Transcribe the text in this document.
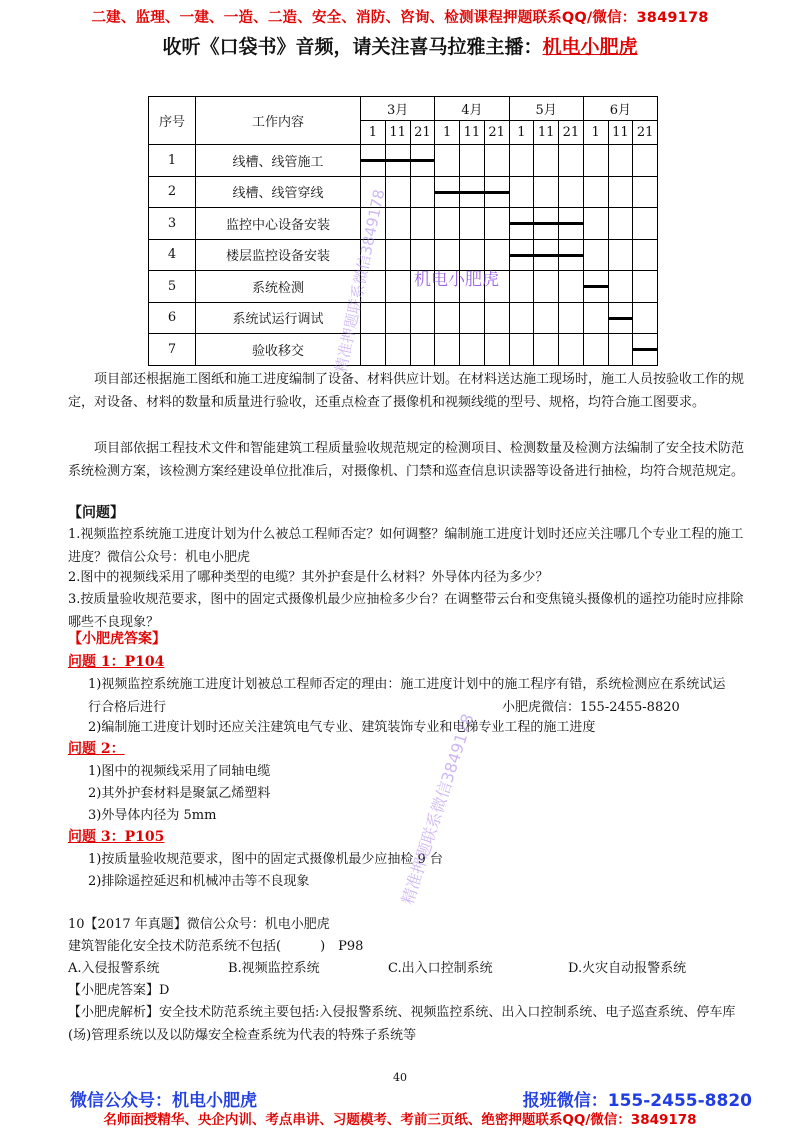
二建、监理、一建、一造、二造、安全、消防、咨询、检测课程押题联系QQ/微信：3849178
收听《口袋书》音频，请关注喜马拉雅主播：机电小肥虎
序号	工作内容	3月			4月			5月			6月		
		1	11	21	1	11	21	1	11	21	1	11	21
1	线槽、线管施工	

2	线槽、线管穿线				

3	监控中心设备安装							

4	楼层监控设备安装							

5	系统检测										

6	系统试运行调试											

7	验收移交												
机电小肥虎
精准押题联系微信3849178
项目部还根据施工图纸和施工进度编制了设备、材料供应计划。在材料送达施工现场时，施工人员按验收工作的规定，对设备、材料的数量和质量进行验收，还重点检查了摄像机和视频线缆的型号、规格，均符合施工图要求。
项目部依据工程技术文件和智能建筑工程质量验收规范规定的检测项目、检测数量及检测方法编制了安全技术防范系统检测方案，该检测方案经建设单位批准后，对摄像机、门禁和巡查信息识读器等设备进行抽检，均符合规范规定。
【问题】
1.视频监控系统施工进度计划为什么被总工程师否定？如何调整？编制施工进度计划时还应关注哪几个专业工程的施工进度？微信公众号：机电小肥虎
2.图中的视频线采用了哪种类型的电缆？其外护套是什么材料？外导体内径为多少？
3.按质量验收规范要求，图中的固定式摄像机最少应抽检多少台？在调整带云台和变焦镜头摄像机的遥控功能时应排除哪些不良现象？
【小肥虎答案】
问题 1：P104
1)视频监控系统施工进度计划被总工程师否定的理由：施工进度计划中的施工程序有错，系统检测应在系统试运行合格后进行	小肥虎微信：155-2455-8820
2)编制施工进度计划时还应关注建筑电气专业、建筑装饰专业和电梯专业工程的施工进度
问题 2：
1)图中的视频线采用了同轴电缆
2)其外护套材料是聚氯乙烯塑料
3)外导体内径为 5mm
问题 3：P105
1)按质量验收规范要求，图中的固定式摄像机最少应抽检 9 台
2)排除遥控延迟和机械冲击等不良现象	精准押题联系微信3849178
10【2017 年真题】微信公众号：机电小肥虎
建筑智能化安全技术防范系统不包括(　　　)　P98
A.入侵报警系统	B.视频监控系统	C.出入口控制系统	D.火灾自动报警系统
【小肥虎答案】D
【小肥虎解析】安全技术防范系统主要包括:入侵报警系统、视频监控系统、出入口控制系统、电子巡查系统、停车库(场)管理系统以及以防爆安全检查系统为代表的特殊子系统等
40
微信公众号：机电小肥虎	报班微信：155-2455-8820
名师面授精华、央企内训、考点串讲、习题模考、考前三页纸、绝密押题联系QQ/微信：3849178
